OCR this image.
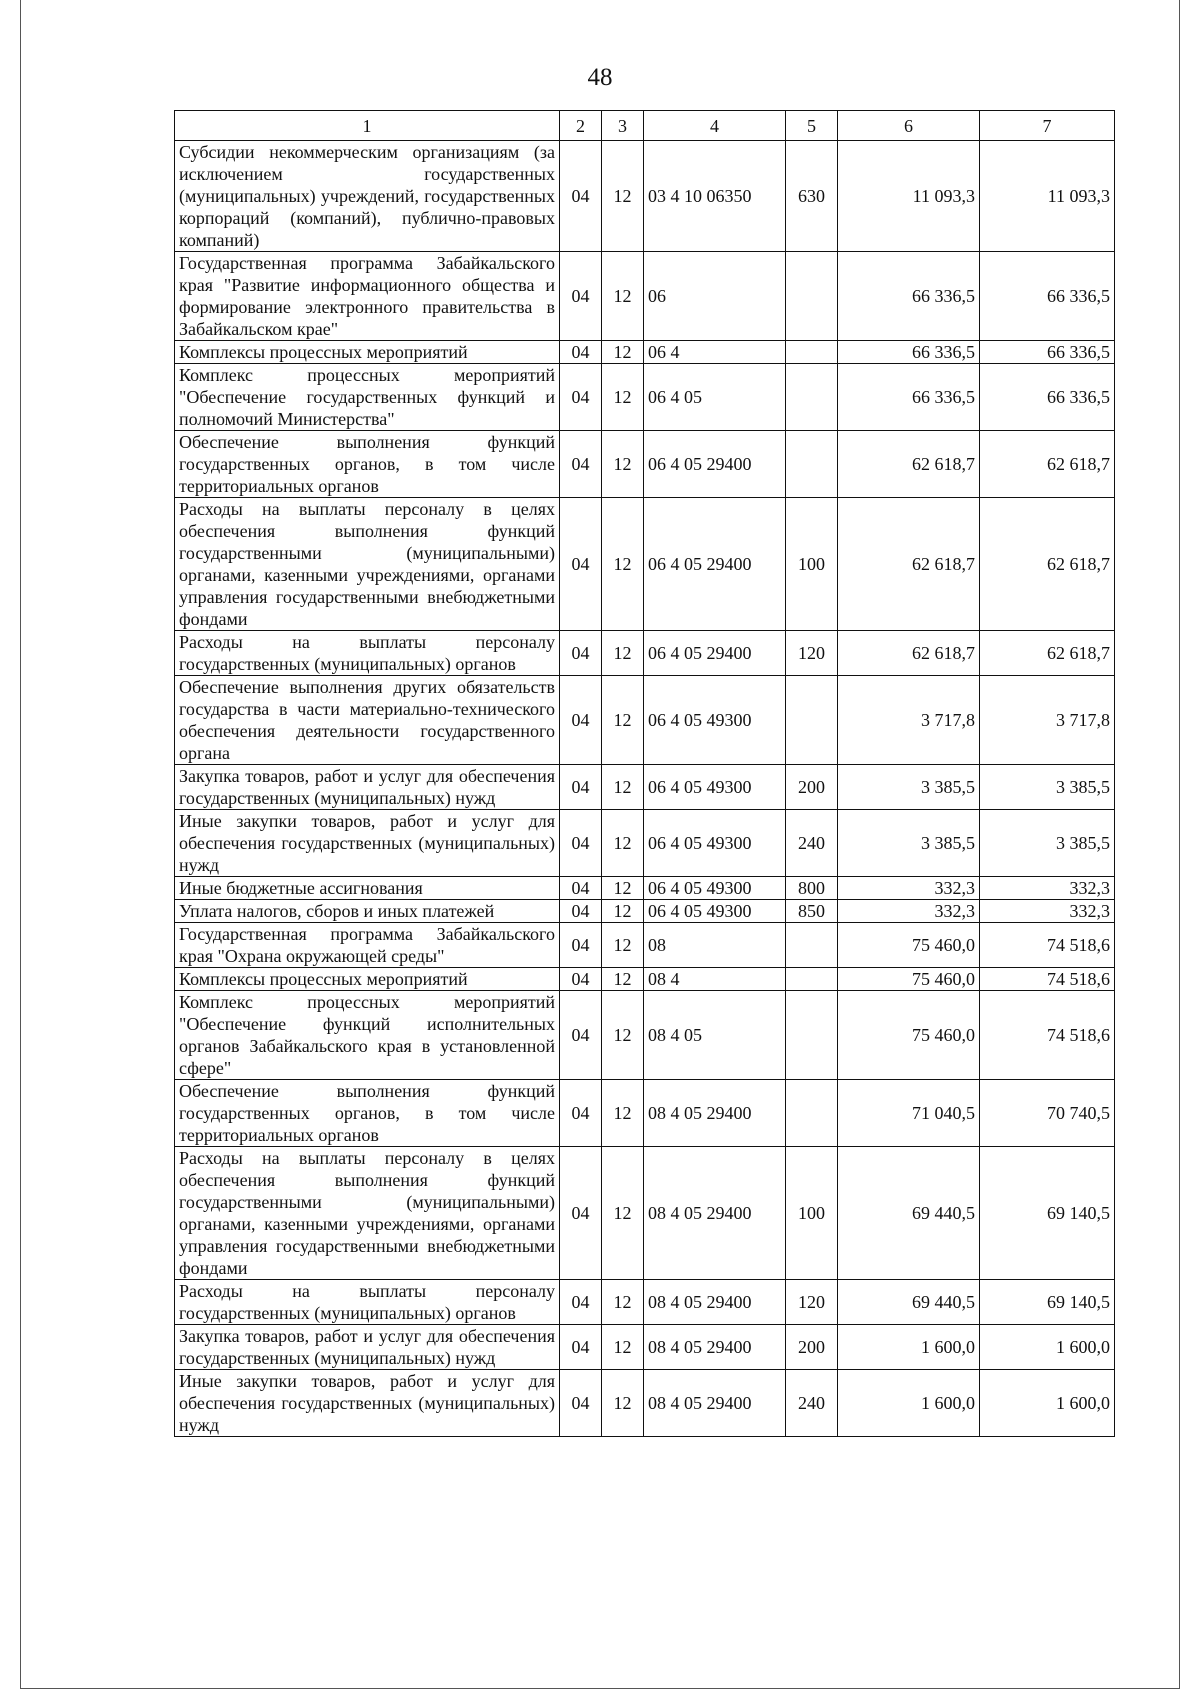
48
1	2	3	4	5	6	7
Субсидии некоммерческим организациям (за исключением государственных (муниципальных) учреждений, государственных корпораций (компаний), публично-правовых компаний)	04	12	03 4 10 06350	630	11 093,3	11 093,3
Государственная программа Забайкальского края "Развитие информационного общества и формирование электронного правительства в Забайкальском крае"	04	12	06		66 336,5	66 336,5
Комплексы процессных мероприятий	04	12	06 4		66 336,5	66 336,5
Комплекс процессных мероприятий "Обеспечение государственных функций и полномочий Министерства"	04	12	06 4 05		66 336,5	66 336,5
Обеспечение выполнения функций государственных органов, в том числе территориальных органов	04	12	06 4 05 29400		62 618,7	62 618,7
Расходы на выплаты персоналу в целях обеспечения выполнения функций государственными (муниципальными) органами, казенными учреждениями, органами управления государственными внебюджетными фондами	04	12	06 4 05 29400	100	62 618,7	62 618,7
Расходы на выплаты персоналу государственных (муниципальных) органов	04	12	06 4 05 29400	120	62 618,7	62 618,7
Обеспечение выполнения других обязательств государства в части материально-технического обеспечения деятельности государственного органа	04	12	06 4 05 49300		3 717,8	3 717,8
Закупка товаров, работ и услуг для обеспечения государственных (муниципальных) нужд	04	12	06 4 05 49300	200	3 385,5	3 385,5
Иные закупки товаров, работ и услуг для обеспечения государственных (муниципальных) нужд	04	12	06 4 05 49300	240	3 385,5	3 385,5
Иные бюджетные ассигнования	04	12	06 4 05 49300	800	332,3	332,3
Уплата налогов, сборов и иных платежей	04	12	06 4 05 49300	850	332,3	332,3
Государственная программа Забайкальского края "Охрана окружающей среды"	04	12	08		75 460,0	74 518,6
Комплексы процессных мероприятий	04	12	08 4		75 460,0	74 518,6
Комплекс процессных мероприятий "Обеспечение функций исполнительных органов Забайкальского края в установленной сфере"	04	12	08 4 05		75 460,0	74 518,6
Обеспечение выполнения функций государственных органов, в том числе территориальных органов	04	12	08 4 05 29400		71 040,5	70 740,5
Расходы на выплаты персоналу в целях обеспечения выполнения функций государственными (муниципальными) органами, казенными учреждениями, органами управления государственными внебюджетными фондами	04	12	08 4 05 29400	100	69 440,5	69 140,5
Расходы на выплаты персоналу государственных (муниципальных) органов	04	12	08 4 05 29400	120	69 440,5	69 140,5
Закупка товаров, работ и услуг для обеспечения государственных (муниципальных) нужд	04	12	08 4 05 29400	200	1 600,0	1 600,0
Иные закупки товаров, работ и услуг для обеспечения государственных (муниципальных) нужд	04	12	08 4 05 29400	240	1 600,0	1 600,0
